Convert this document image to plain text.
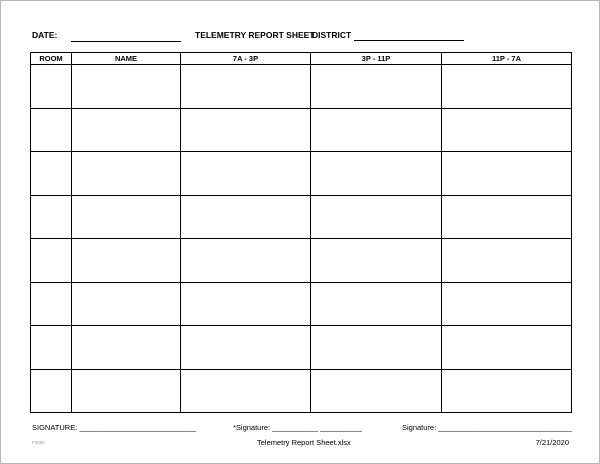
DATE:	TELEMETRY REPORT SHEET
DISTRICT
ROOM	NAME	7A - 3P	3P - 11P	11P - 7A

SIGNATURE: ____________________________	*Signature: ___________ __________	Signature: ________________________________
F0050	Telemetry Report Sheet.xlsx	7/21/2020
